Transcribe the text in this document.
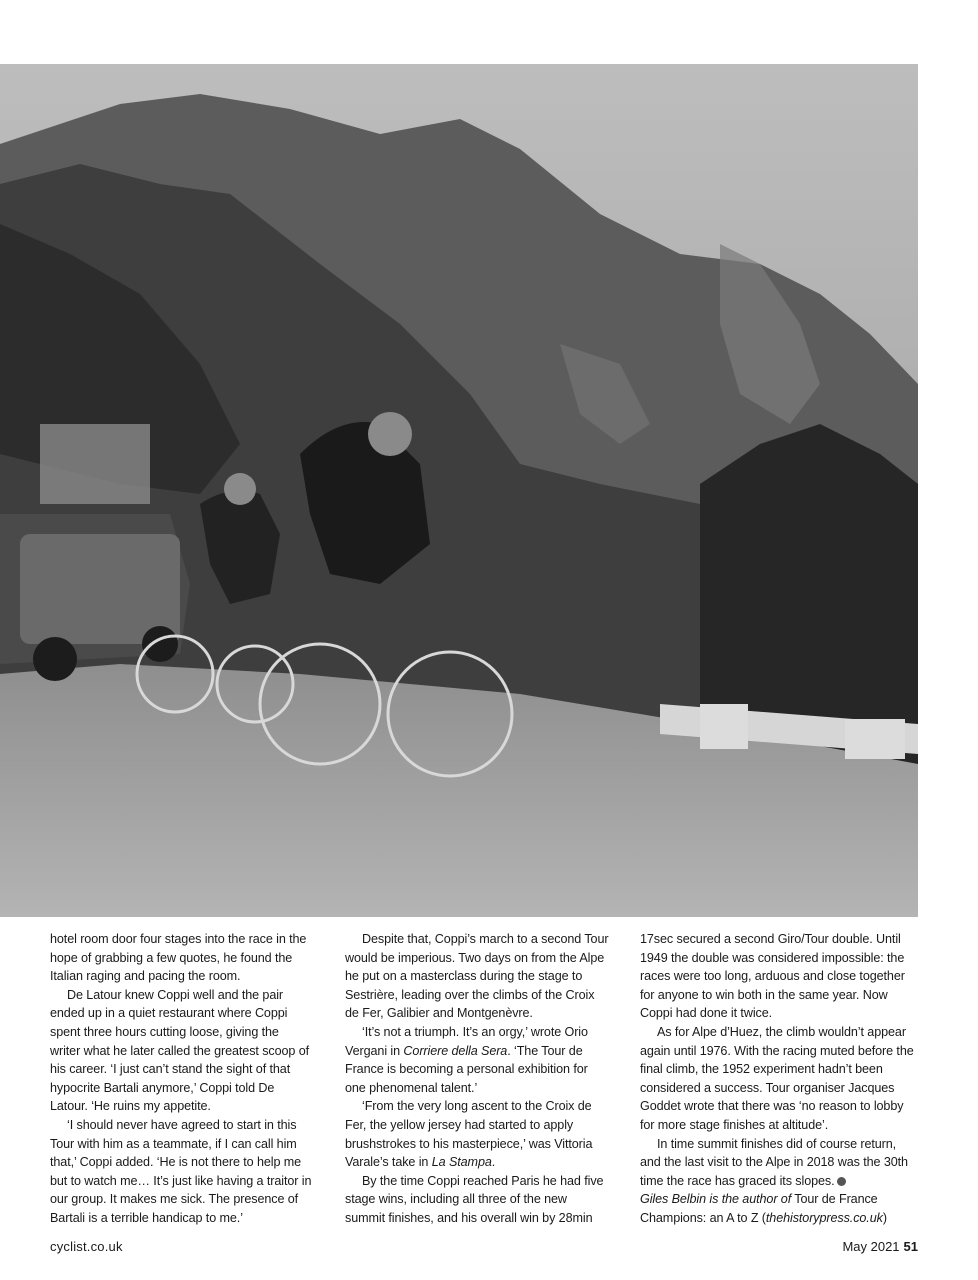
hotel room door four stages into the race in the hope of grabbing a few quotes, he found the Italian raging and pacing the room.

De Latour knew Coppi well and the pair ended up in a quiet restaurant where Coppi spent three hours cutting loose, giving the writer what he later called the greatest scoop of his career. ‘I just can’t stand the sight of that hypocrite Bartali anymore,’ Coppi told De Latour. ‘He ruins my appetite.

‘I should never have agreed to start in this Tour with him as a teammate, if I can call him that,’ Coppi added. ‘He is not there to help me but to watch me… It’s just like having a traitor in our group. It makes me sick. The presence of Bartali is a terrible handicap to me.’

Despite that, Coppi’s march to a second Tour would be imperious. Two days on from the Alpe he put on a masterclass during the stage to Sestrière, leading over the climbs of the Croix de Fer, Galibier and Montgenèvre.

‘It’s not a triumph. It’s an orgy,’ wrote Orio Vergani in Corriere della Sera. ‘The Tour de France is becoming a personal exhibition for one phenomenal talent.’

‘From the very long ascent to the Croix de Fer, the yellow jersey had started to apply brushstrokes to his masterpiece,’ was Vittoria Varale’s take in La Stampa.

By the time Coppi reached Paris he had five stage wins, including all three of the new summit finishes, and his overall win by 28min

17sec secured a second Giro/Tour double. Until 1949 the double was considered impossible: the races were too long, arduous and close together for anyone to win both in the same year. Now Coppi had done it twice.

As for Alpe d’Huez, the climb wouldn’t appear again until 1976. With the racing muted before the final climb, the 1952 experiment hadn’t been considered a success. Tour organiser Jacques Goddet wrote that there was ‘no reason to lobby for more stage finishes at altitude’.

In time summit finishes did of course return, and the last visit to the Alpe in 2018 was the 30th time the race has graced its slopes.

Giles Belbin is the author of Tour de France Champions: an A to Z (thehistorypress.co.uk)

cyclist.co.uk	May 2021 51
